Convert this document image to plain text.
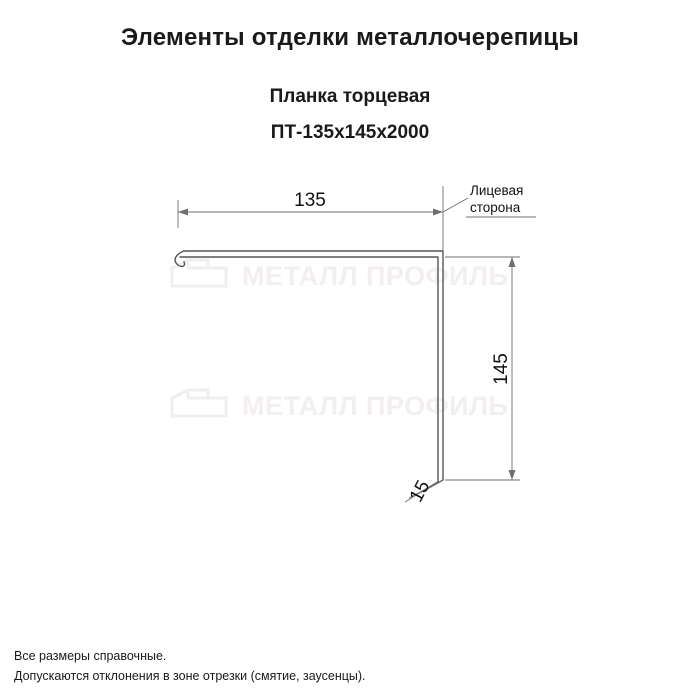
Элементы отделки металлочерепицы
Планка торцевая
ПТ-135х145х2000
МЕТАЛЛ ПРОФИЛЬ
МЕТАЛЛ ПРОФИЛЬ
135	Лицевая
сторона
145
15
Все размеры справочные.
Допускаются отклонения в зоне отрезки (смятие, заусенцы).
